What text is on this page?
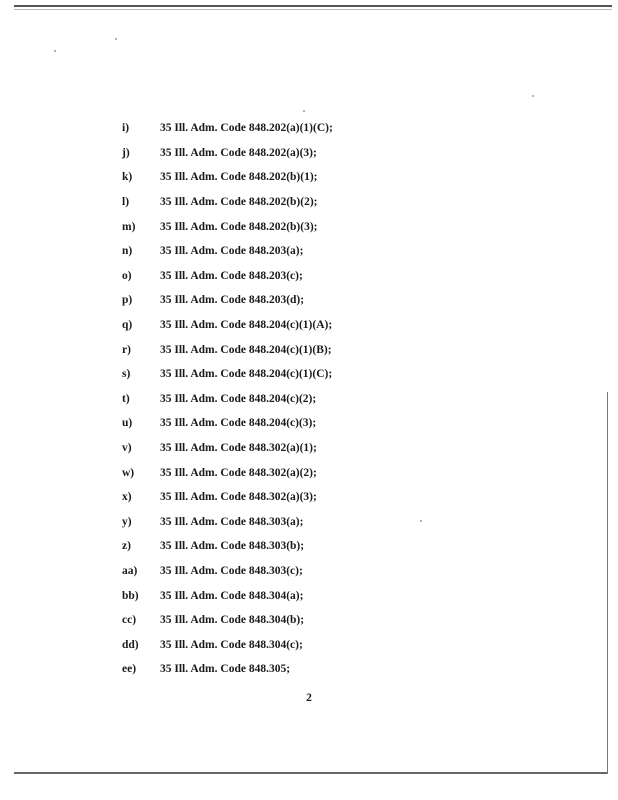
i)	35 Ill. Adm. Code 848.202(a)(1)(C);
j)	35 Ill. Adm. Code 848.202(a)(3);
k)	35 Ill. Adm. Code 848.202(b)(1);
l)	35 Ill. Adm. Code 848.202(b)(2);
m)	35 Ill. Adm. Code 848.202(b)(3);
n)	35 Ill. Adm. Code 848.203(a);
o)	35 Ill. Adm. Code 848.203(c);
p)	35 Ill. Adm. Code 848.203(d);
q)	35 Ill. Adm. Code 848.204(c)(1)(A);
r)	35 Ill. Adm. Code 848.204(c)(1)(B);
s)	35 Ill. Adm. Code 848.204(c)(1)(C);
t)	35 Ill. Adm. Code 848.204(c)(2);
u)	35 Ill. Adm. Code 848.204(c)(3);
v)	35 Ill. Adm. Code 848.302(a)(1);
w)	35 Ill. Adm. Code 848.302(a)(2);
x)	35 Ill. Adm. Code 848.302(a)(3);
y)	35 Ill. Adm. Code 848.303(a);
z)	35 Ill. Adm. Code 848.303(b);
aa)	35 Ill. Adm. Code 848.303(c);
bb)	35 Ill. Adm. Code 848.304(a);
cc)	35 Ill. Adm. Code 848.304(b);
dd)	35 Ill. Adm. Code 848.304(c);
ee)	35 Ill. Adm. Code 848.305;
2
